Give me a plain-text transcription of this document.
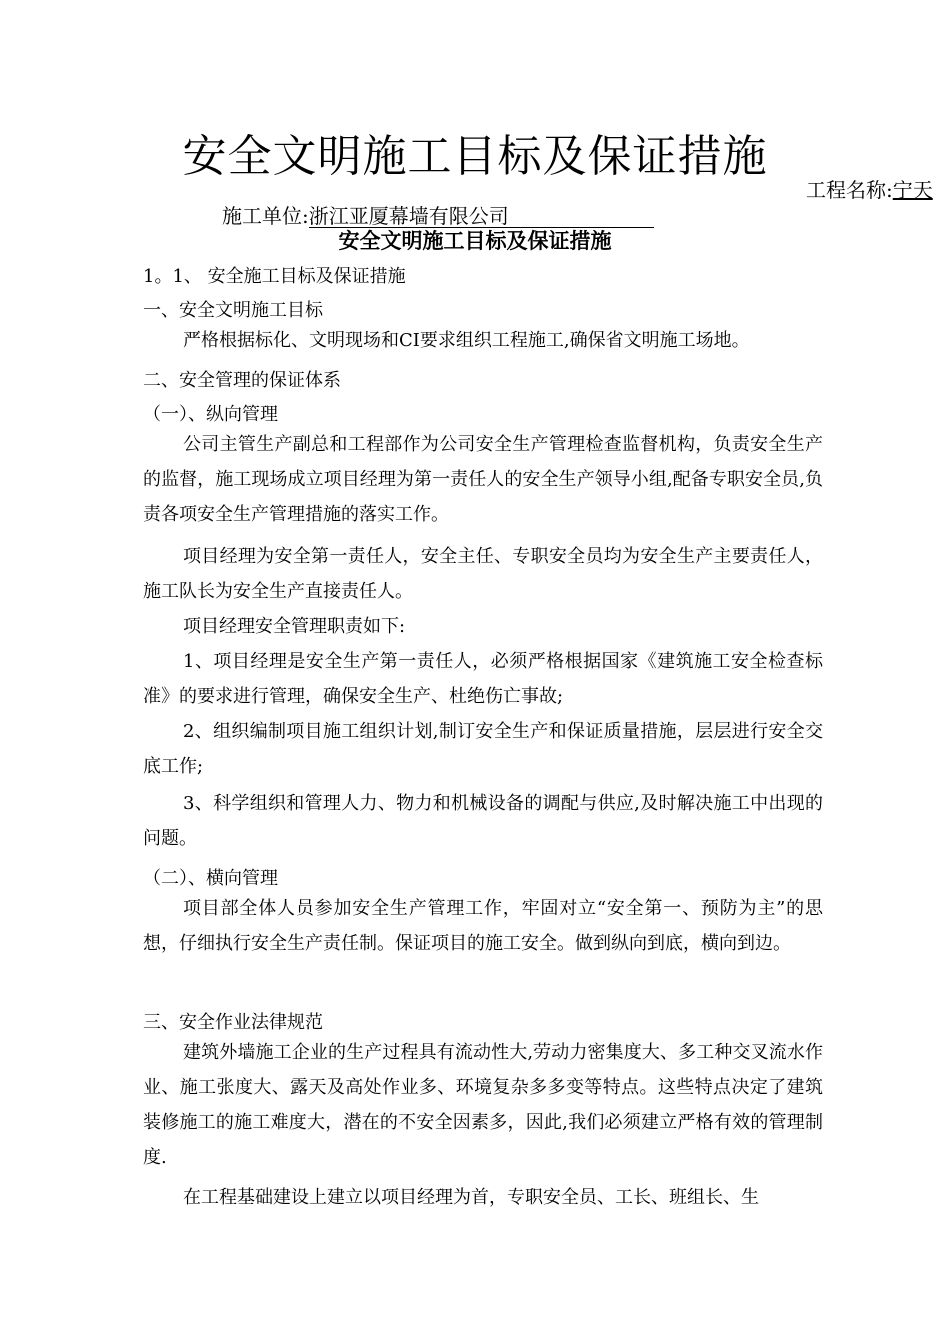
安全文明施工目标及保证措施
工程名称:宁天
施工单位:浙江亚厦幕墙有限公司
安全文明施工目标及保证措施
1。1、 安全施工目标及保证措施
一、安全文明施工目标
严格根据标化、文明现场和CI要求组织工程施工,确保省文明施工场地。
二、安全管理的保证体系
（一）、纵向管理
公司主管生产副总和工程部作为公司安全生产管理检查监督机构，负责安全生产的监督，施工现场成立项目经理为第一责任人的安全生产领导小组,配备专职安全员,负责各项安全生产管理措施的落实工作。
项目经理为安全第一责任人，安全主任、专职安全员均为安全生产主要责任人，施工队长为安全生产直接责任人。
项目经理安全管理职责如下:
1、项目经理是安全生产第一责任人，必须严格根据国家《建筑施工安全检查标准》的要求进行管理，确保安全生产、杜绝伤亡事故;
2、组织编制项目施工组织计划,制订安全生产和保证质量措施，层层进行安全交底工作;
3、科学组织和管理人力、物力和机械设备的调配与供应,及时解决施工中出现的问题。
（二）、横向管理
项目部全体人员参加安全生产管理工作，牢固对立“安全第一、预防为主”的思想，仔细执行安全生产责任制。保证项目的施工安全。做到纵向到底，横向到边。
三、安全作业法律规范
建筑外墙施工企业的生产过程具有流动性大,劳动力密集度大、多工种交叉流水作业、施工张度大、露天及高处作业多、环境复杂多多变等特点。这些特点决定了建筑装修施工的施工难度大，潜在的不安全因素多，因此,我们必须建立严格有效的管理制度.
在工程基础建设上建立以项目经理为首，专职安全员、工长、班组长、生
